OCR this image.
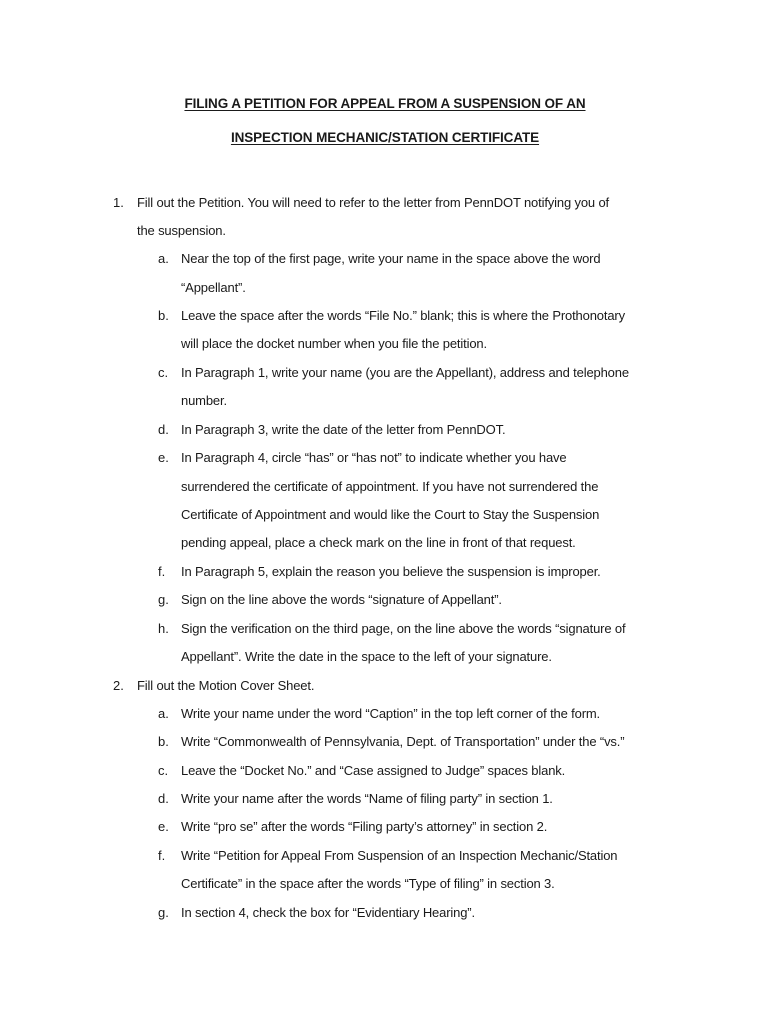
FILING A PETITION FOR APPEAL FROM A SUSPENSION OF AN
INSPECTION MECHANIC/STATION CERTIFICATE
1. Fill out the Petition. You will need to refer to the letter from PennDOT notifying you of
the suspension.
a. Near the top of the first page, write your name in the space above the word
“Appellant”.
b. Leave the space after the words “File No.” blank; this is where the Prothonotary
will place the docket number when you file the petition.
c. In Paragraph 1, write your name (you are the Appellant), address and telephone
number.
d. In Paragraph 3, write the date of the letter from PennDOT.
e. In Paragraph 4, circle “has” or “has not” to indicate whether you have
surrendered the certificate of appointment. If you have not surrendered the
Certificate of Appointment and would like the Court to Stay the Suspension
pending appeal, place a check mark on the line in front of that request.
f. In Paragraph 5, explain the reason you believe the suspension is improper.
g. Sign on the line above the words “signature of Appellant”.
h. Sign the verification on the third page, on the line above the words “signature of
Appellant”. Write the date in the space to the left of your signature.
2. Fill out the Motion Cover Sheet.
a. Write your name under the word “Caption” in the top left corner of the form.
b. Write “Commonwealth of Pennsylvania, Dept. of Transportation” under the “vs.”
c. Leave the “Docket No.” and “Case assigned to Judge” spaces blank.
d. Write your name after the words “Name of filing party” in section 1.
e. Write “pro se” after the words “Filing party’s attorney” in section 2.
f. Write “Petition for Appeal From Suspension of an Inspection Mechanic/Station
Certificate” in the space after the words “Type of filing” in section 3.
g. In section 4, check the box for “Evidentiary Hearing”.
